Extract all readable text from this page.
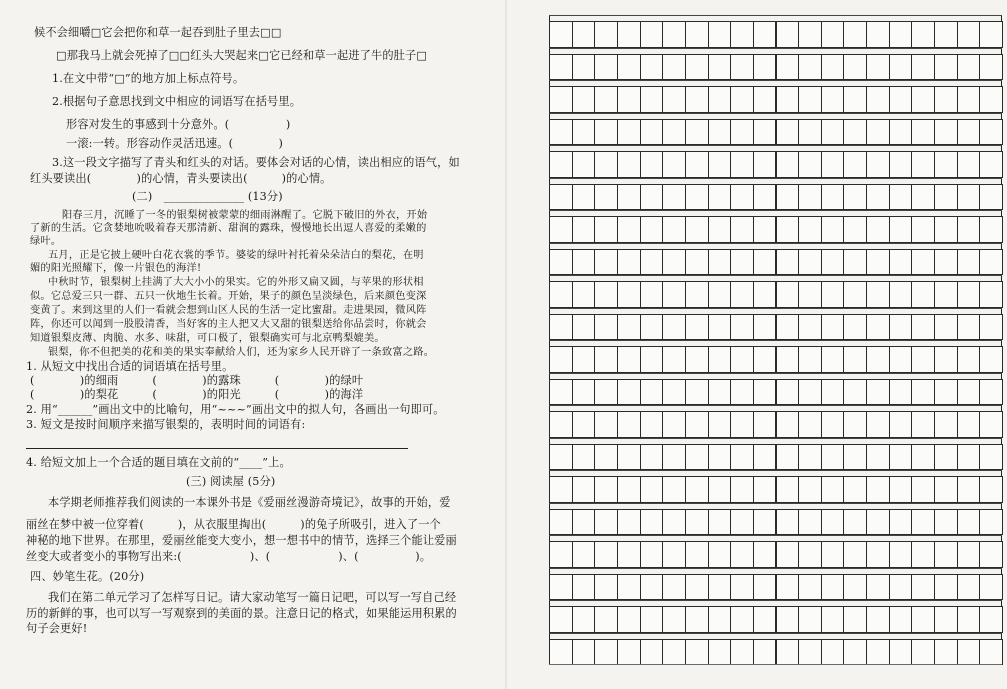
候不会细嚼□它会把你和草一起吞到肚子里去□□
□那我马上就会死掉了□□红头大哭起来□它已经和草一起进了牛的肚子□
1.在文中带“□”的地方加上标点符号。
2.根据句子意思找到文中相应的词语写在括号里。
形容对发生的事感到十分意外。(　　　　　)
一滚:一转。形容动作灵活迅速。(　　　　)
3.这一段文字描写了青头和红头的对话。要体会对话的心情，读出相应的语气，如
红头要读出(　　　　)的心情，青头要读出(　　　)的心情。
(二)　______________ (13分)
阳春三月，沉睡了一冬的银梨树被蒙蒙的细雨淋醒了。它脱下破旧的外衣，开始
了新的生活。它贪婪地吮吸着春天那清新、甜润的露珠，慢慢地长出逗人喜爱的柔嫩的
绿叶。
五月，正是它披上硬叶白花衣裳的季节。婆娑的绿叶衬托着朵朵洁白的梨花，在明
媚的阳光照耀下，像一片银色的海洋!
中秋时节，银梨树上挂满了大大小小的果实。它的外形又扁又圆，与苹果的形状相
似。它总爱三只一群、五只一伙地生长着。开始，果子的颜色呈淡绿色，后来颜色变深
变黄了。来到这里的人们一看就会想到山区人民的生活一定比蜜甜。走进果园，微风阵
阵，你还可以闻到一股股清香，当好客的主人把又大又甜的银梨送给你品尝时，你就会
知道银梨皮薄、肉脆、水多、味甜，可口极了，银梨确实可与北京鸭梨媲美。
银梨，你不但把美的花和美的果实奉献给人们，还为家乡人民开辟了一条致富之路。
1. 从短文中找出合适的词语填在括号里。
(　　　　)的细雨　　　(　　　　)的露珠　　　(　　　　)的绿叶
(　　　　)的梨花　　　(　　　　)的阳光　　　(　　　　)的海洋
2. 用“______”画出文中的比喻句，用“~~~”画出文中的拟人句，各画出一句即可。
3. 短文是按时间顺序来描写银梨的，表明时间的词语有:
4. 给短文加上一个合适的题目填在文前的“____”上。
(三) 阅读屋 (5分)
本学期老师推荐我们阅读的一本课外书是《爱丽丝漫游奇境记》，故事的开始，爱
丽丝在梦中被一位穿着(　　　)，从衣服里掏出(　　　)的兔子所吸引，进入了一个
神秘的地下世界。在那里，爱丽丝能变大变小，想一想书中的情节，选择三个能让爱丽
丝变大或者变小的事物写出来:(　　　　　　)、(　　　　　　)、(　　　　　)。
四、妙笔生花。(20分)
我们在第二单元学习了怎样写日记。请大家动笔写一篇日记吧，可以写一写自己经
历的新鲜的事，也可以写一写观察到的美面的景。注意日记的格式，如果能运用积累的
句子会更好!
